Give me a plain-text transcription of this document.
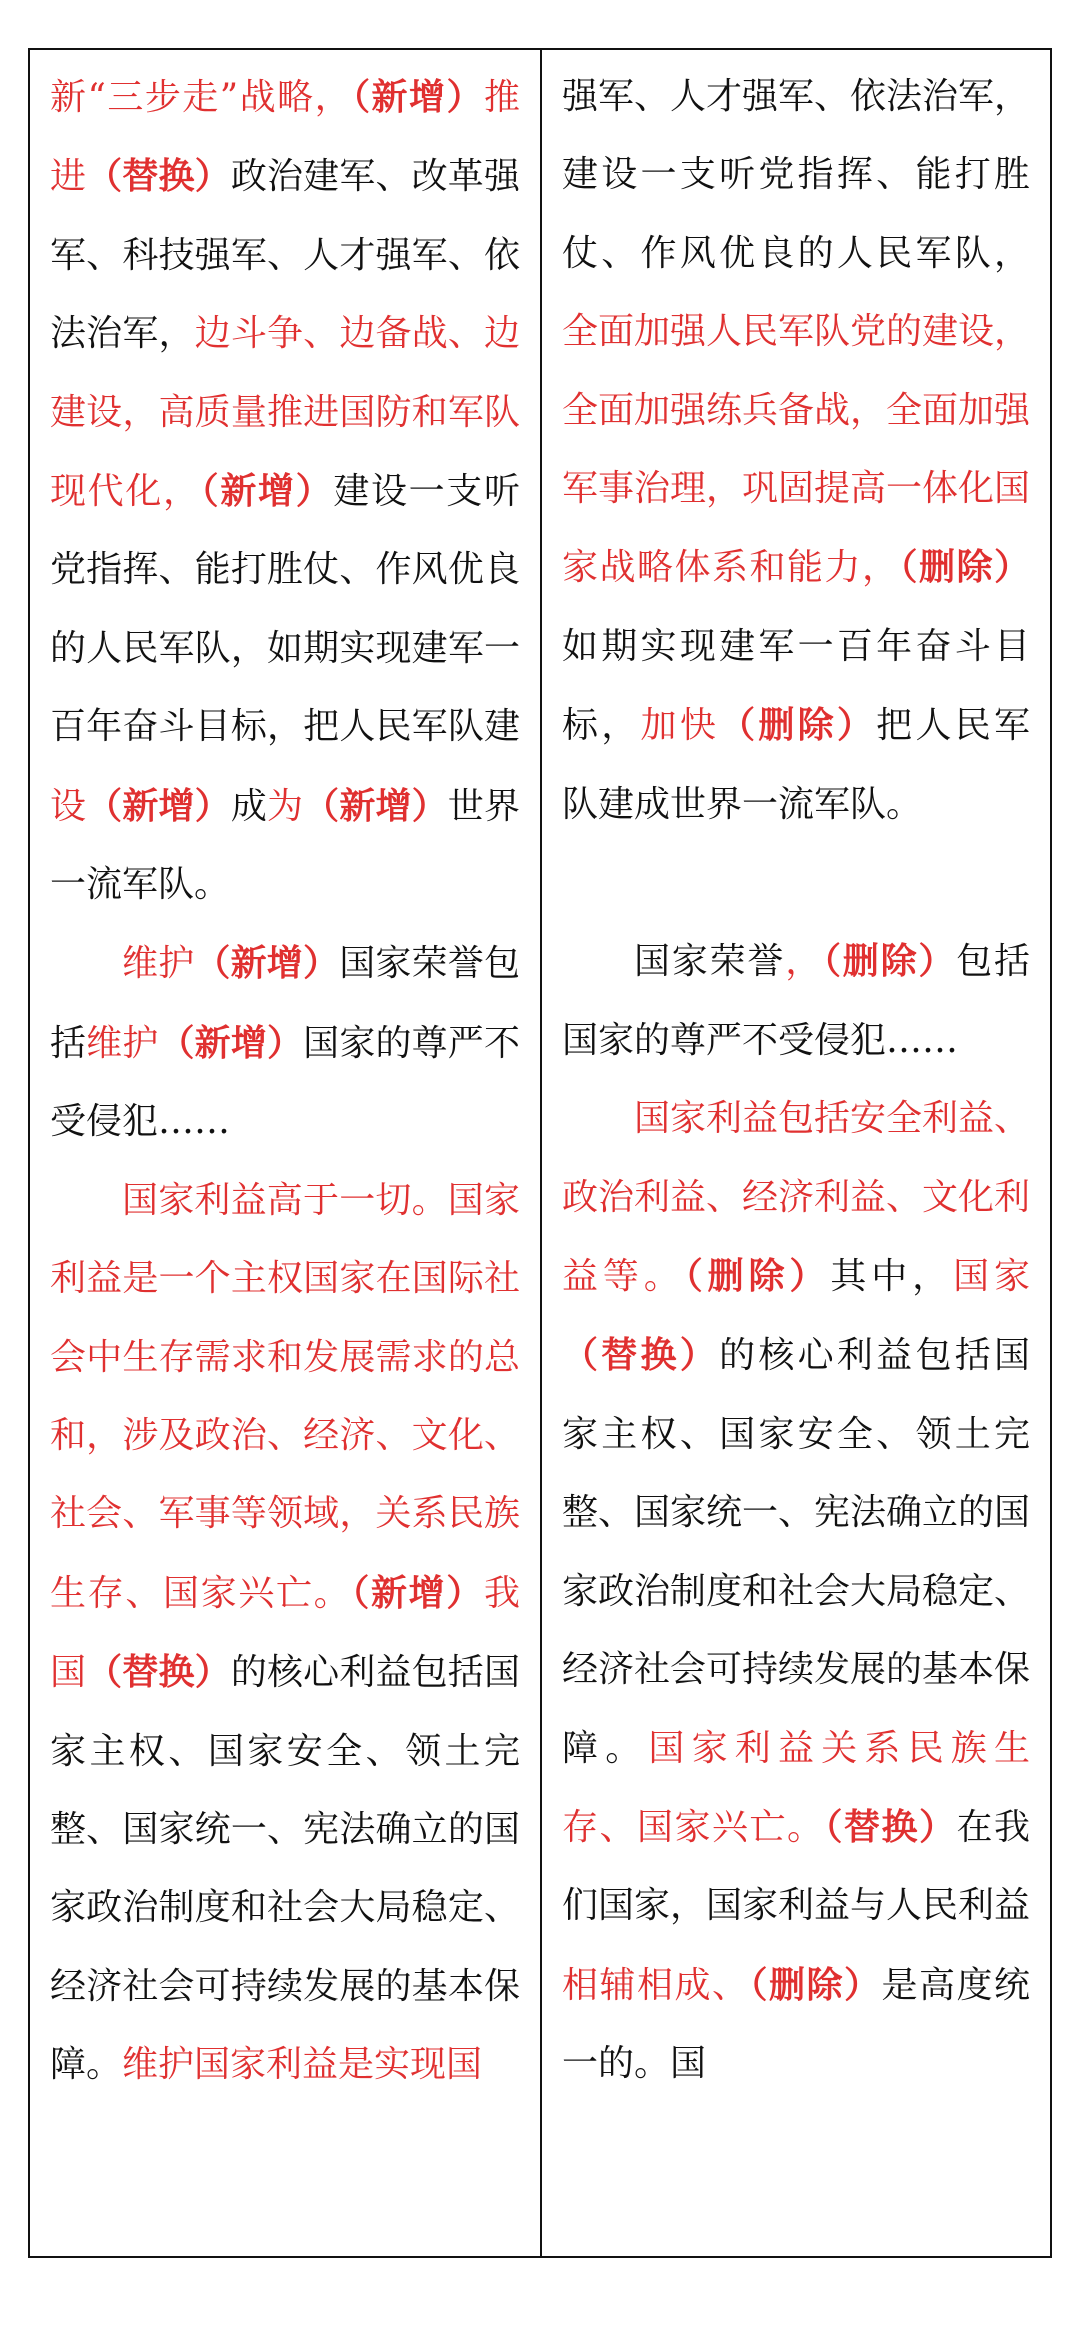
新“三步走”战略，（新增）推进（替换）政治建军、改革强军、科技强军、人才强军、依法治军，边斗争、边备战、边建设，高质量推进国防和军队现代化，（新增）建设一支听党指挥、能打胜仗、作风优良的人民军队，如期实现建军一百年奋斗目标，把人民军队建设（新增）成为（新增）世界一流军队。

维护（新增）国家荣誉包括维护（新增）国家的尊严不受侵犯……

国家利益高于一切。国家利益是一个主权国家在国际社会中生存需求和发展需求的总和，涉及政治、经济、文化、社会、军事等领域，关系民族生存、国家兴亡。（新增）我国（替换）的核心利益包括国家主权、国家安全、领土完整、国家统一、宪法确立的国家政治制度和社会大局稳定、经济社会可持续发展的基本保障。维护国家利益是实现国

强军、人才强军、依法治军，建设一支听党指挥、能打胜仗、作风优良的人民军队，全面加强人民军队党的建设，全面加强练兵备战，全面加强军事治理，巩固提高一体化国家战略体系和能力，（删除）如期实现建军一百年奋斗目标，加快（删除）把人民军队建成世界一流军队。

国家荣誉，（删除）包括国家的尊严不受侵犯……

国家利益包括安全利益、政治利益、经济利益、文化利益等。（删除）其中，国家（替换）的核心利益包括国家主权、国家安全、领土完整、国家统一、宪法确立的国家政治制度和社会大局稳定、经济社会可持续发展的基本保障。国家利益关系民族生存、国家兴亡。（替换）在我们国家，国家利益与人民利益相辅相成、（删除）是高度统一的。国
